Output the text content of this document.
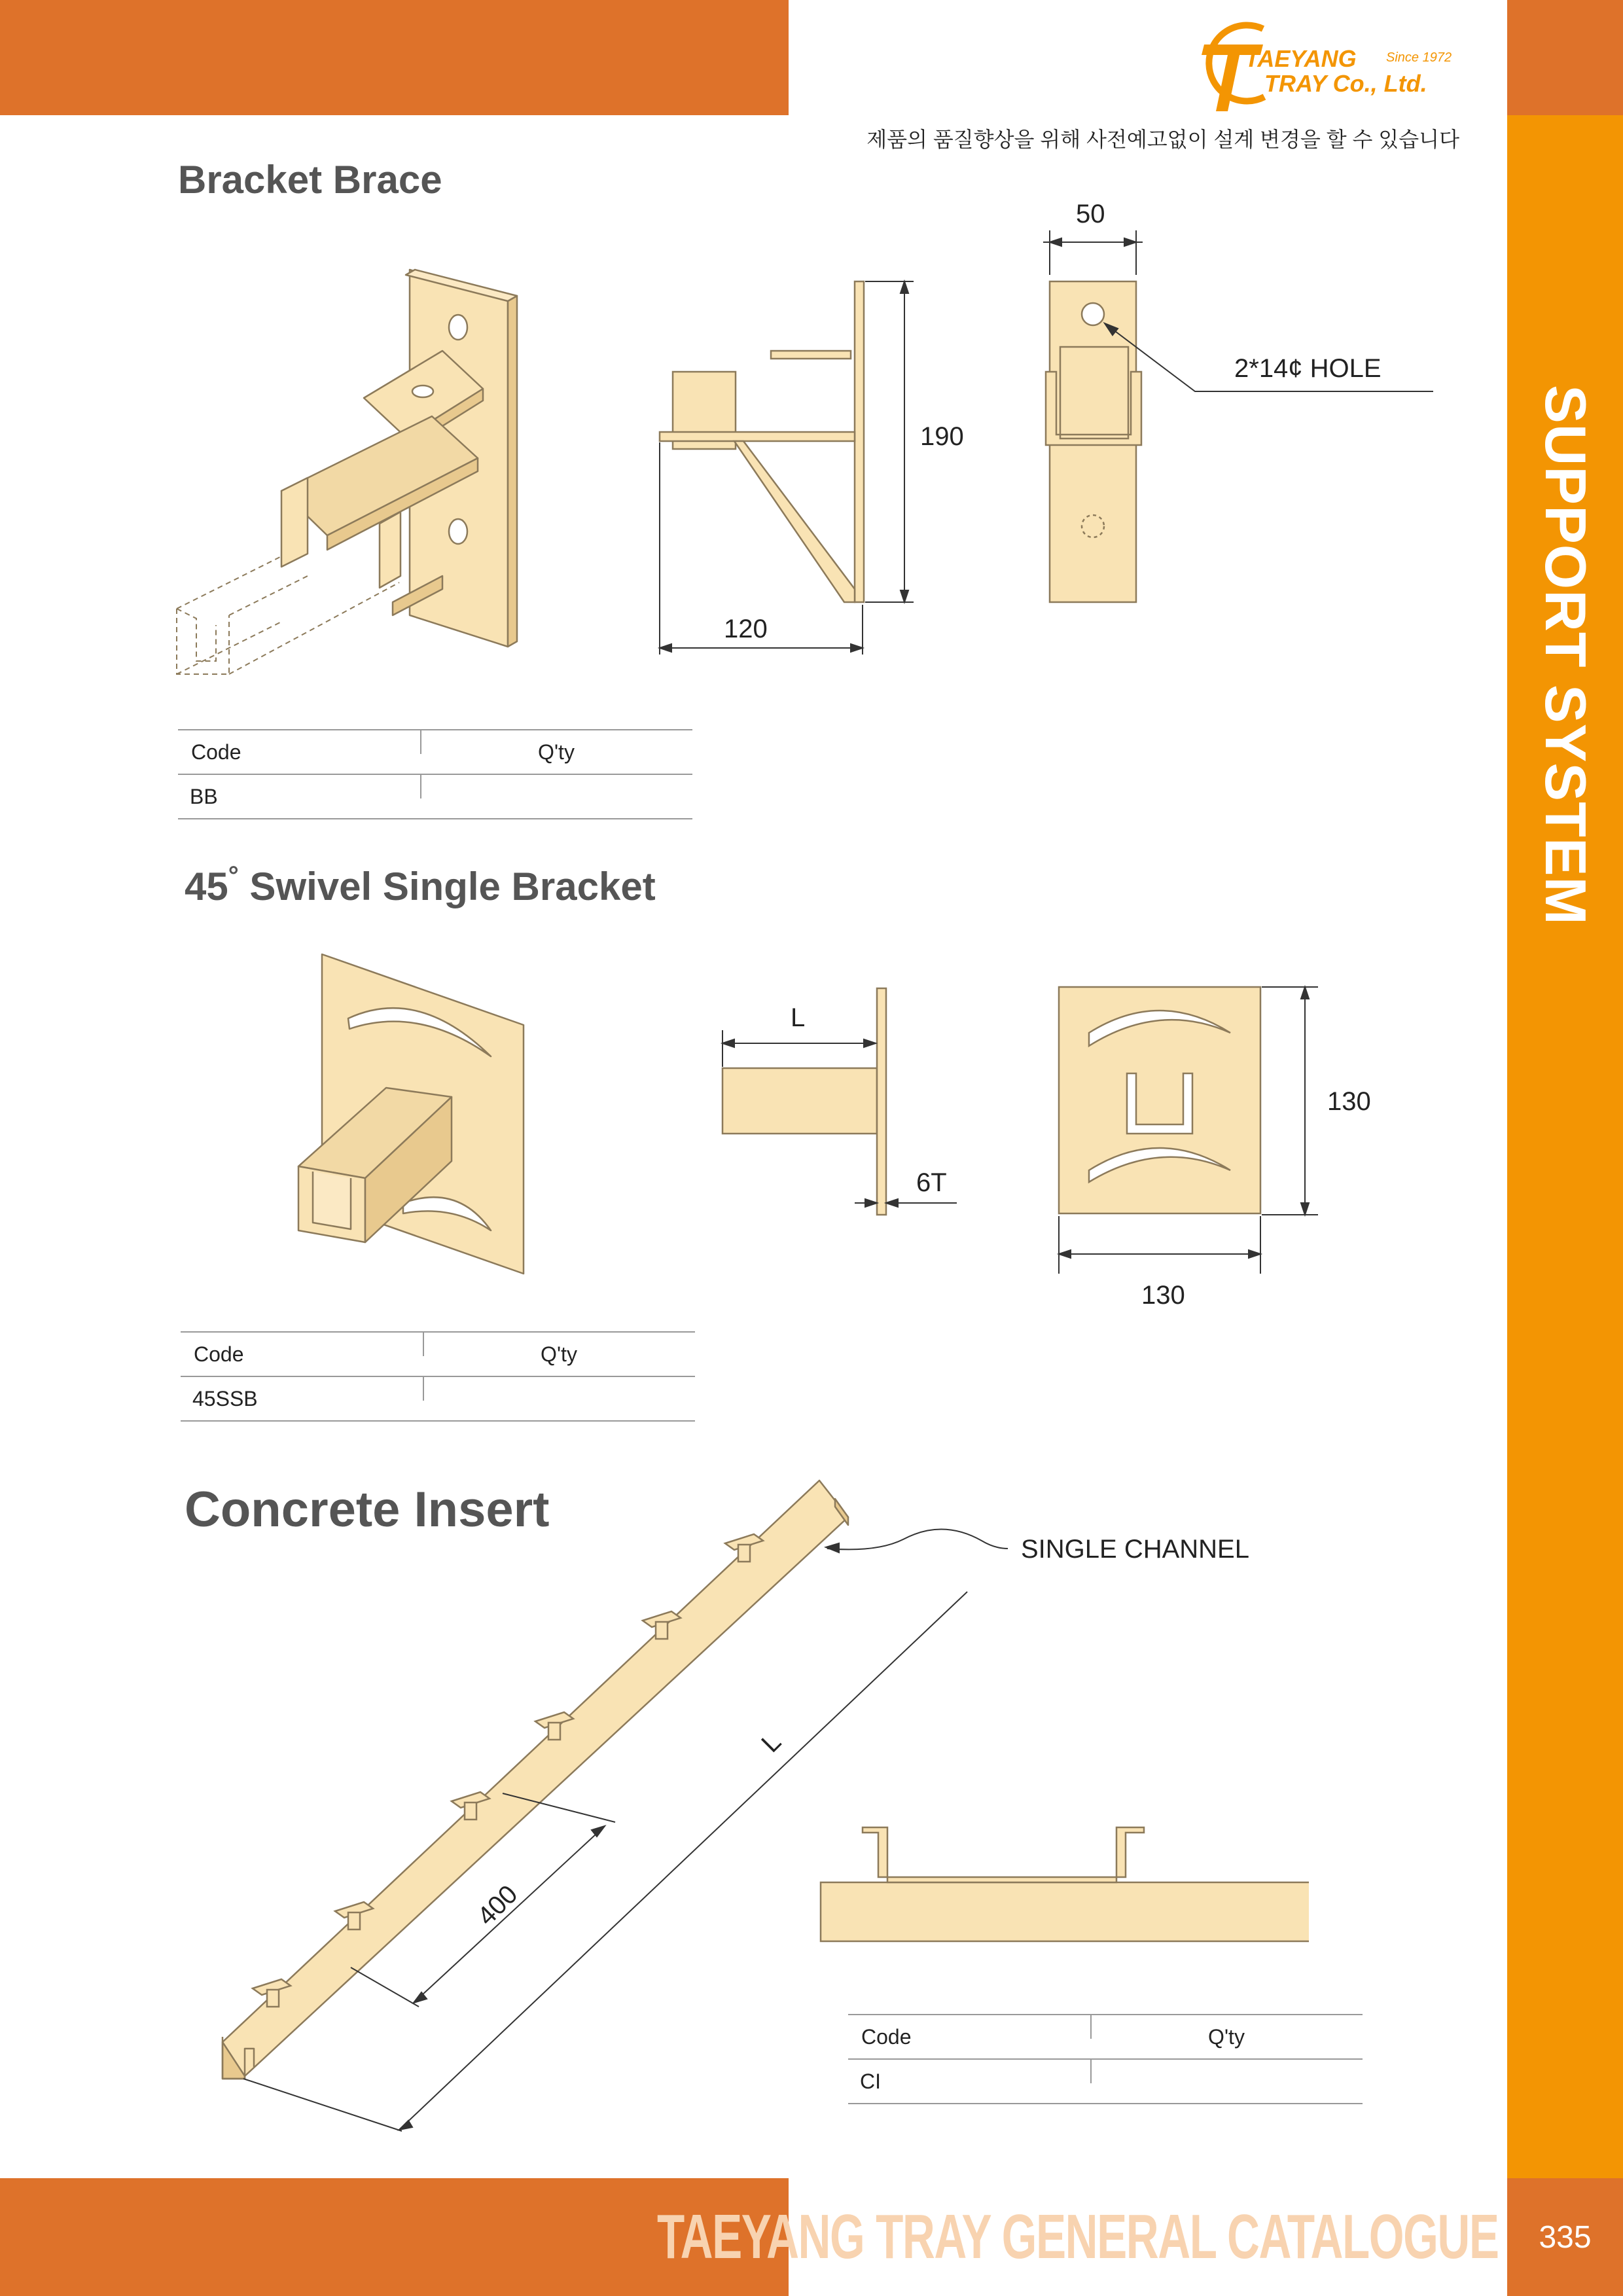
SUPPORT SYSTEM
TAEYANG TRAY GENERAL CATALOGUE	335
TAEYANG
TRAY Co., Ltd.
Since 1972
제품의 품질향상을 위해 사전예고없이 설계 변경을 할 수 있습니다
Bracket Brace
190
120
50
2*14¢ HOLE
Code	Q'ty
BB	
45° Swivel Single Bracket
L
6T
130
130
Code	Q'ty
45SSB	
Concrete Insert
SINGLE CHANNEL
L
400
Code	Q'ty
CI	
